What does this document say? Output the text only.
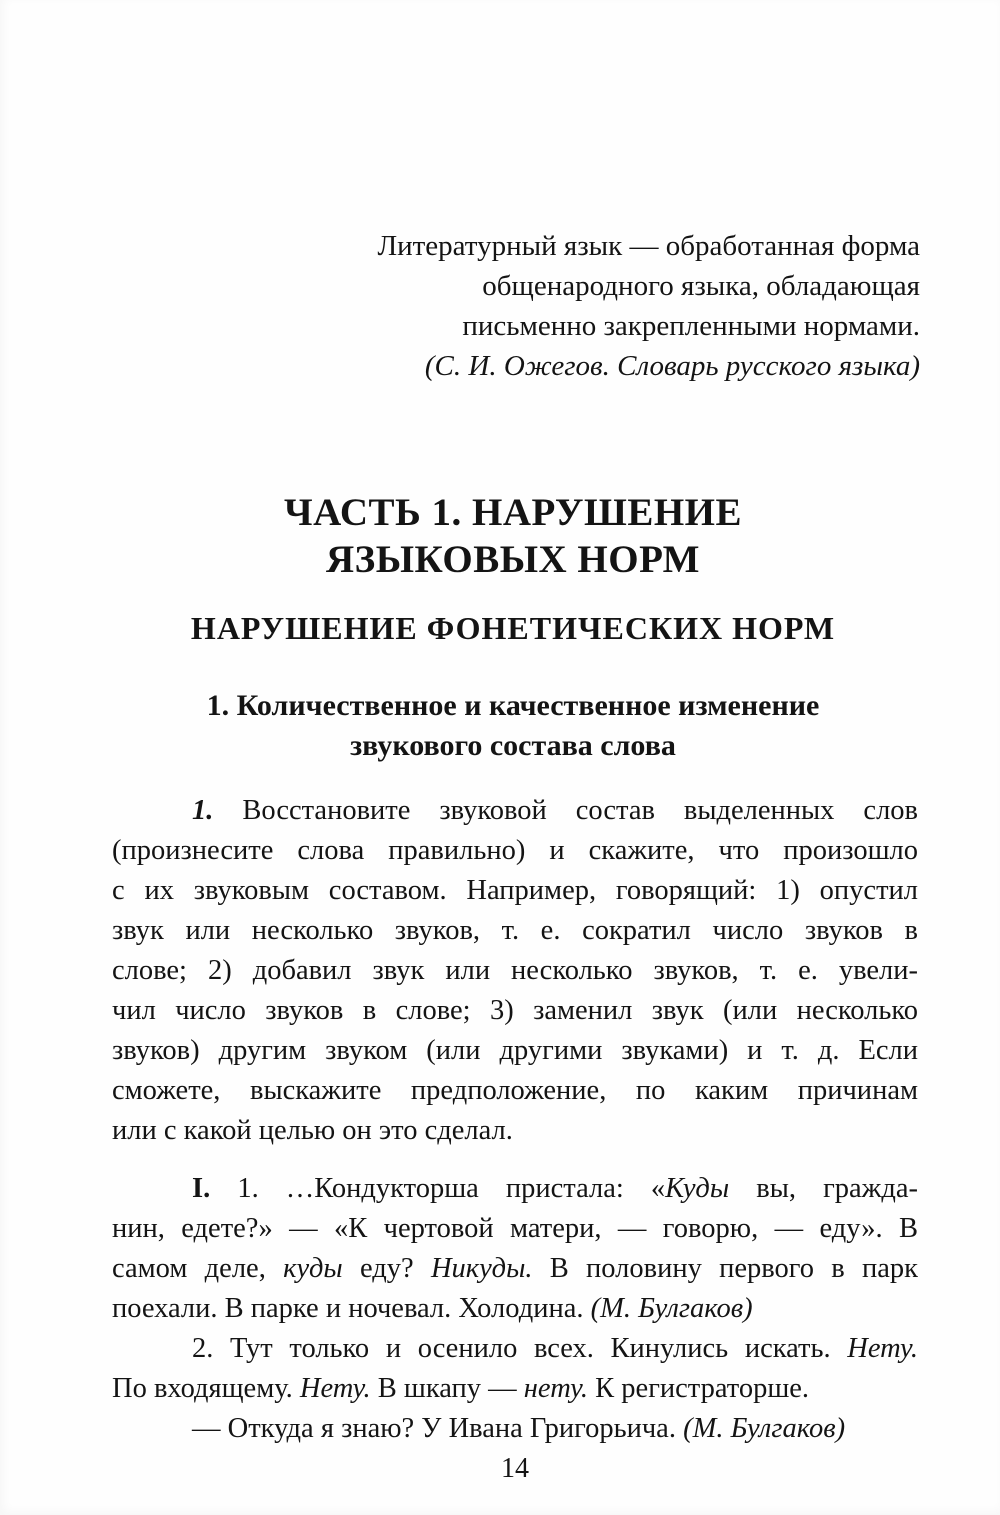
Литературный язык — обработанная форма
общенародного языка, обладающая
письменно закрепленными нормами.
(С. И. Ожегов. Словарь русского языка)
ЧАСТЬ 1. НАРУШЕНИЕ
ЯЗЫКОВЫХ НОРМ
НАРУШЕНИЕ ФОНЕТИЧЕСКИХ НОРМ
1. Количественное и качественное изменение
звукового состава слова
1. Восстановите звуковой состав выделенных слов
(произнесите слова правильно) и скажите, что произошло
с их звуковым составом. Например, говорящий: 1) опустил
звук или несколько звуков, т. е. сократил число звуков в
слове; 2) добавил звук или несколько звуков, т. е. увели-
чил число звуков в слове; 3) заменил звук (или несколько
звуков) другим звуком (или другими звуками) и т. д. Если
сможете, выскажите предположение, по каким причинам
или с какой целью он это сделал.
I. 1. …Кондукторша пристала: «Куды вы, гражда-
нин, едете?» — «К чертовой матери, — говорю, — еду». В
самом деле, куды еду? Никуды. В половину первого в парк
поехали. В парке и ночевал. Холодина. (М. Булгаков)
2. Тут только и осенило всех. Кинулись искать. Нету.
По входящему. Нету. В шкапу — нету. К регистраторше.
— Откуда я знаю? У Ивана Григорьича. (М. Булгаков)
14
